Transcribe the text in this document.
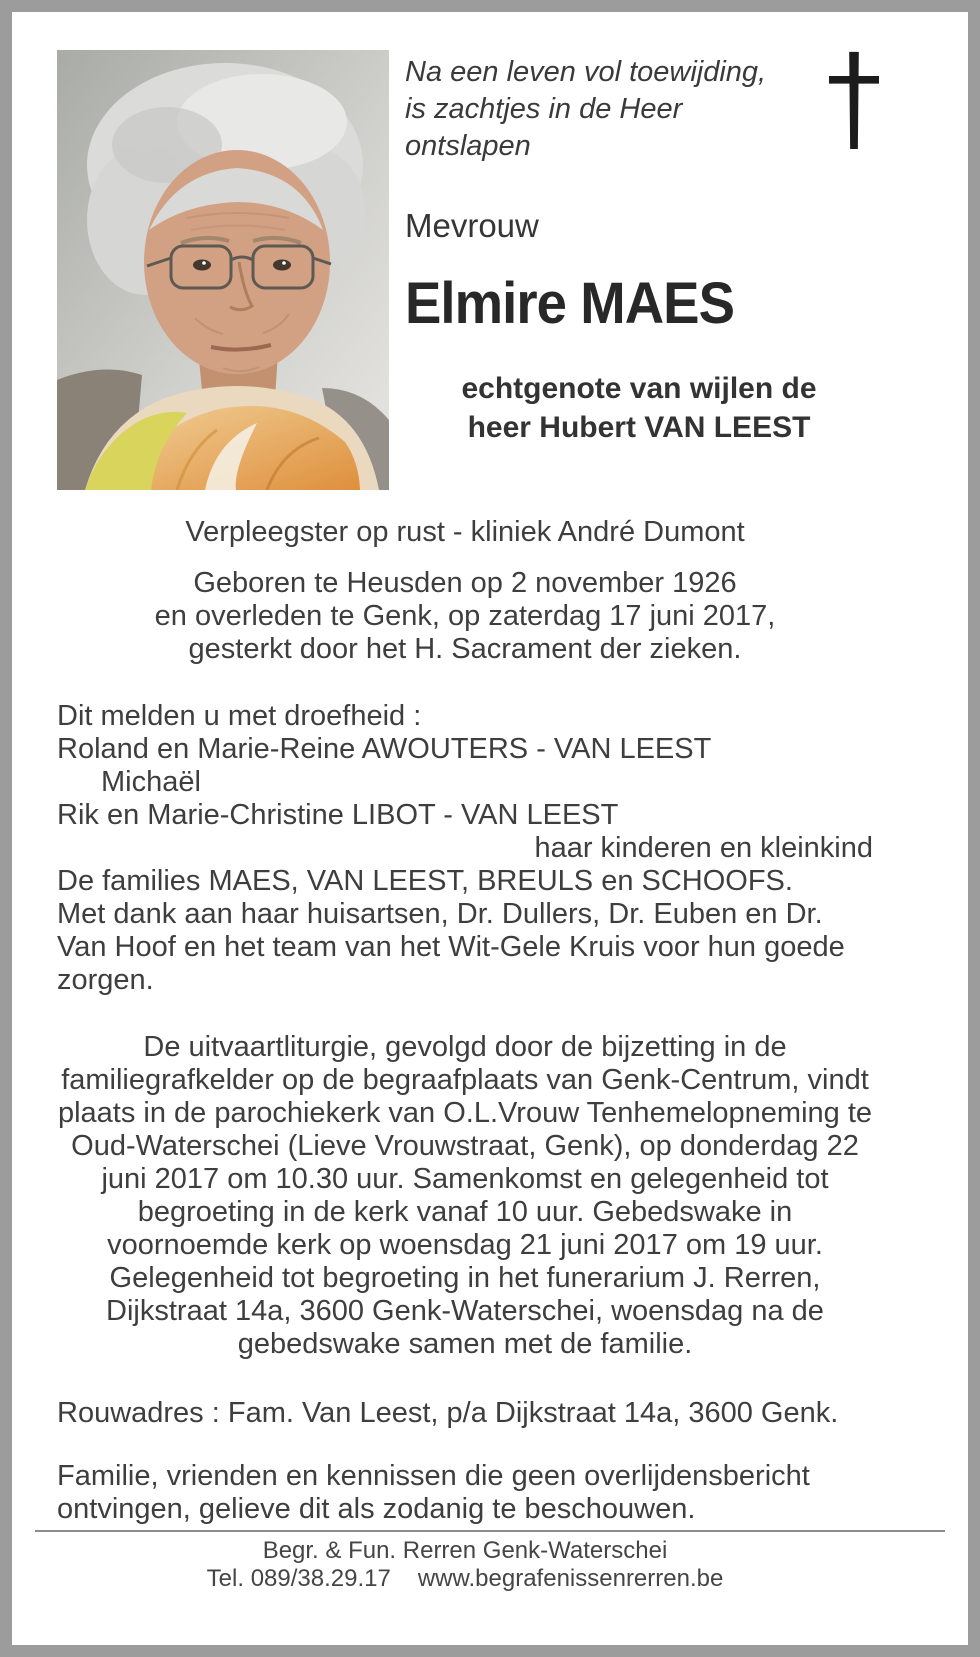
Na een leven vol toewijding,
is zachtjes in de Heer
ontslapen
Mevrouw
Elmire MAES
echtgenote van wijlen de
heer Hubert VAN LEEST
Verpleegster op rust - kliniek André Dumont
Geboren te Heusden op 2 november 1926
en overleden te Genk, op zaterdag 17 juni 2017,
gesterkt door het H. Sacrament der zieken.
Dit melden u met droefheid :
Roland en Marie-Reine AWOUTERS - VAN LEEST
Michaël
Rik en Marie-Christine LIBOT - VAN LEEST
haar kinderen en kleinkind
De families MAES, VAN LEEST, BREULS en SCHOOFS.
Met dank aan haar huisartsen, Dr. Dullers, Dr. Euben en Dr. Van Hoof en het team van het Wit-Gele Kruis voor hun goede zorgen.
De uitvaartliturgie, gevolgd door de bijzetting in de familiegrafkelder op de begraafplaats van Genk-Centrum, vindt plaats in de parochiekerk van O.L.Vrouw Tenhemelopneming te Oud-Waterschei (Lieve Vrouwstraat, Genk), op donderdag 22 juni 2017 om 10.30 uur. Samenkomst en gelegenheid tot begroeting in de kerk vanaf 10 uur. Gebedswake in voornoemde kerk op woensdag 21 juni 2017 om 19 uur. Gelegenheid tot begroeting in het funerarium J. Rerren, Dijkstraat 14a, 3600 Genk-Waterschei, woensdag na de gebedswake samen met de familie.
Rouwadres : Fam. Van Leest, p/a Dijkstraat 14a, 3600 Genk.
Familie, vrienden en kennissen die geen overlijdensbericht ontvingen, gelieve dit als zodanig te beschouwen.
Begr. & Fun. Rerren Genk-Waterschei
Tel. 089/38.29.17 www.begrafenissenrerren.be
